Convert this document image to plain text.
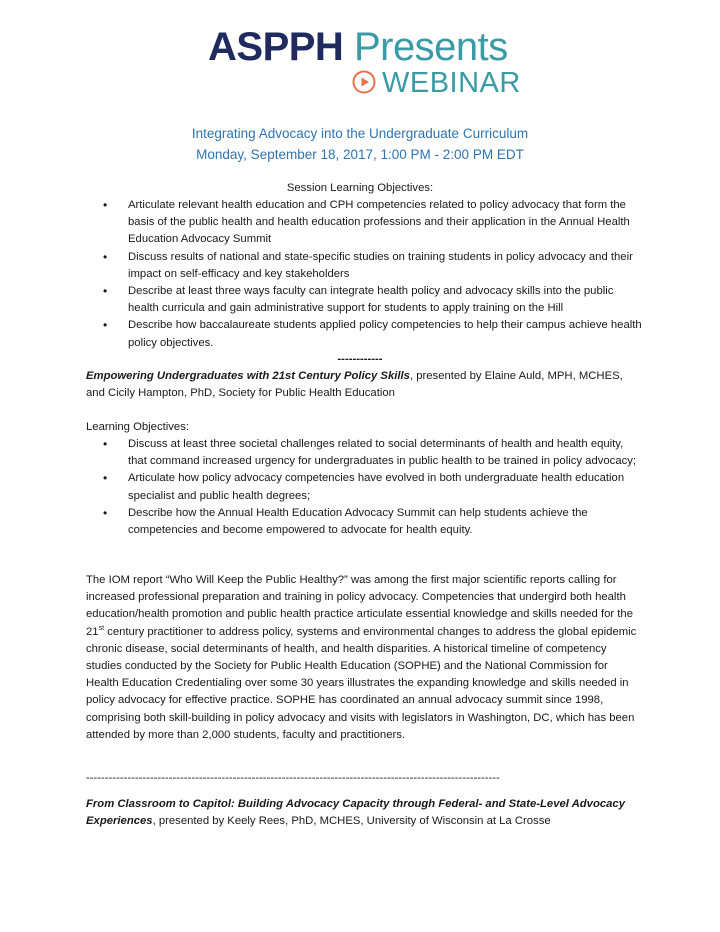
ASPPH Presents
WEBINAR
Integrating Advocacy into the Undergraduate Curriculum
Monday, September 18, 2017, 1:00 PM - 2:00 PM EDT
Session Learning Objectives:
• Articulate relevant health education and CPH competencies related to policy advocacy that form the basis of the public health and health education professions and their application in the Annual Health Education Advocacy Summit
• Discuss results of national and state-specific studies on training students in policy advocacy and their impact on self-efficacy and key stakeholders
• Describe at least three ways faculty can integrate health policy and advocacy skills into the public health curricula and gain administrative support for students to apply training on the Hill
• Describe how baccalaureate students applied policy competencies to help their campus achieve health policy objectives.
------------
Empowering Undergraduates with 21st Century Policy Skills, presented by Elaine Auld, MPH, MCHES, and Cicily Hampton, PhD, Society for Public Health Education
Learning Objectives:
• Discuss at least three societal challenges related to social determinants of health and health equity, that command increased urgency for undergraduates in public health to be trained in policy advocacy;
• Articulate how policy advocacy competencies have evolved in both undergraduate health education specialist and public health degrees;
• Describe how the Annual Health Education Advocacy Summit can help students achieve the competencies and become empowered to advocate for health equity.
The IOM report “Who Will Keep the Public Healthy?” was among the first major scientific reports calling for increased professional preparation and training in policy advocacy. Competencies that undergird both health education/health promotion and public health practice articulate essential knowledge and skills needed for the 21st century practitioner to address policy, systems and environmental changes to address the global epidemic chronic disease, social determinants of health, and health disparities. A historical timeline of competency studies conducted by the Society for Public Health Education (SOPHE) and the National Commission for Health Education Credentialing over some 30 years illustrates the expanding knowledge and skills needed in policy advocacy for effective practice. SOPHE has coordinated an annual advocacy summit since 1998, comprising both skill-building in policy advocacy and visits with legislators in Washington, DC, which has been attended by more than 2,000 students, faculty and practitioners.
--------------------------------------------------------------------------------------------------------------
From Classroom to Capitol: Building Advocacy Capacity through Federal- and State-Level Advocacy Experiences, presented by Keely Rees, PhD, MCHES, University of Wisconsin at La Crosse
